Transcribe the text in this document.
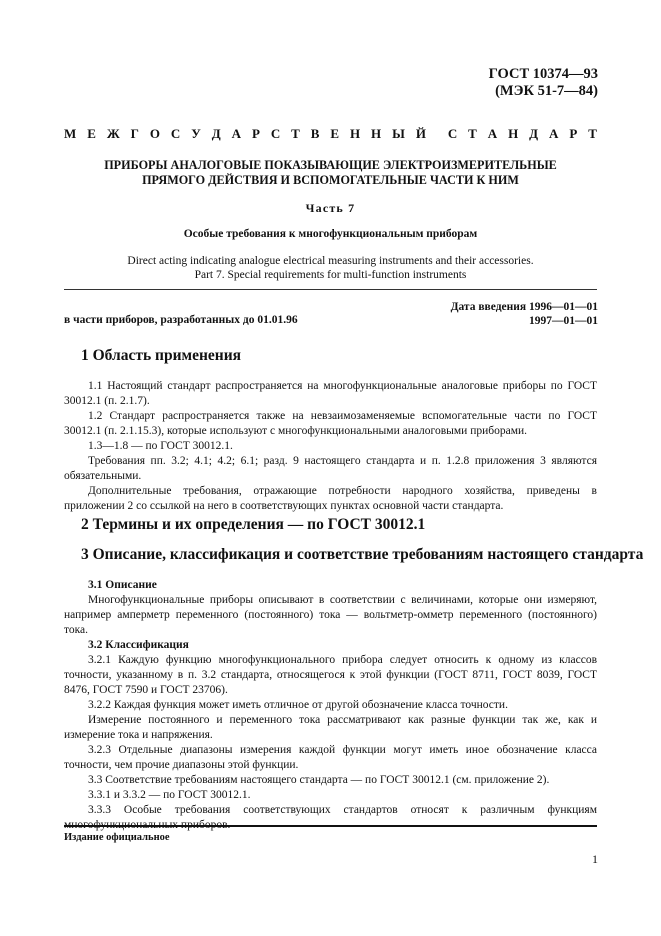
ГОСТ 10374—93
(МЭК 51-7—84)
М Е Ж Г О С У Д А Р С Т В Е Н Н Ы Й С Т А Н Д А Р Т
ПРИБОРЫ АНАЛОГОВЫЕ ПОКАЗЫВАЮЩИЕ ЭЛЕКТРОИЗМЕРИТЕЛЬНЫЕ
ПРЯМОГО ДЕЙСТВИЯ И ВСПОМОГАТЕЛЬНЫЕ ЧАСТИ К НИМ
Часть 7
Особые требования к многофункциональным приборам
Direct acting indicating analogue electrical measuring instruments and their accessories.
Part 7. Special requirements for multi-function instruments
Дата введения 1996—01—01
1997—01—01
в части приборов, разработанных до 01.01.96
1 Область применения

1.1 Настоящий стандарт распространяется на многофункциональные аналоговые приборы по ГОСТ 30012.1 (п. 2.1.7).

1.2 Стандарт распространяется также на невзаимозаменяемые вспомогательные части по ГОСТ 30012.1 (п. 2.1.15.3), которые используют с многофункциональными аналоговыми приборами.

1.3—1.8 — по ГОСТ 30012.1.

Требования пп. 3.2; 4.1; 4.2; 6.1; разд. 9 настоящего стандарта и п. 1.2.8 приложения 3 являются обязательными.

Дополнительные требования, отражающие потребности народного хозяйства, приведены в приложении 2 со ссылкой на него в соответствующих пунктах основной части стандарта.

2 Термины и их определения — по ГОСТ 30012.1
3 Описание, классификация и соответствие требованиям настоящего стандарта

3.1 Описание

Многофункциональные приборы описывают в соответствии с величинами, которые они измеряют, например амперметр переменного (постоянного) тока — вольтметр-омметр переменного (постоянного) тока.

3.2 Классификация

3.2.1 Каждую функцию многофункционального прибора следует относить к одному из классов точности, указанному в п. 3.2 стандарта, относящегося к этой функции (ГОСТ 8711, ГОСТ 8039, ГОСТ 8476, ГОСТ 7590 и ГОСТ 23706).

3.2.2 Каждая функция может иметь отличное от другой обозначение класса точности.

Измерение постоянного и переменного тока рассматривают как разные функции так же, как и измерение тока и напряжения.

3.2.3 Отдельные диапазоны измерения каждой функции могут иметь иное обозначение класса точности, чем прочие диапазоны этой функции.

3.3 Соответствие требованиям настоящего стандарта — по ГОСТ 30012.1 (см. приложение 2).

3.3.1 и 3.3.2 — по ГОСТ 30012.1.

3.3.3 Особые требования соответствующих стандартов относят к различным функциям многофункциональных приборов.

Издание официальное
1
